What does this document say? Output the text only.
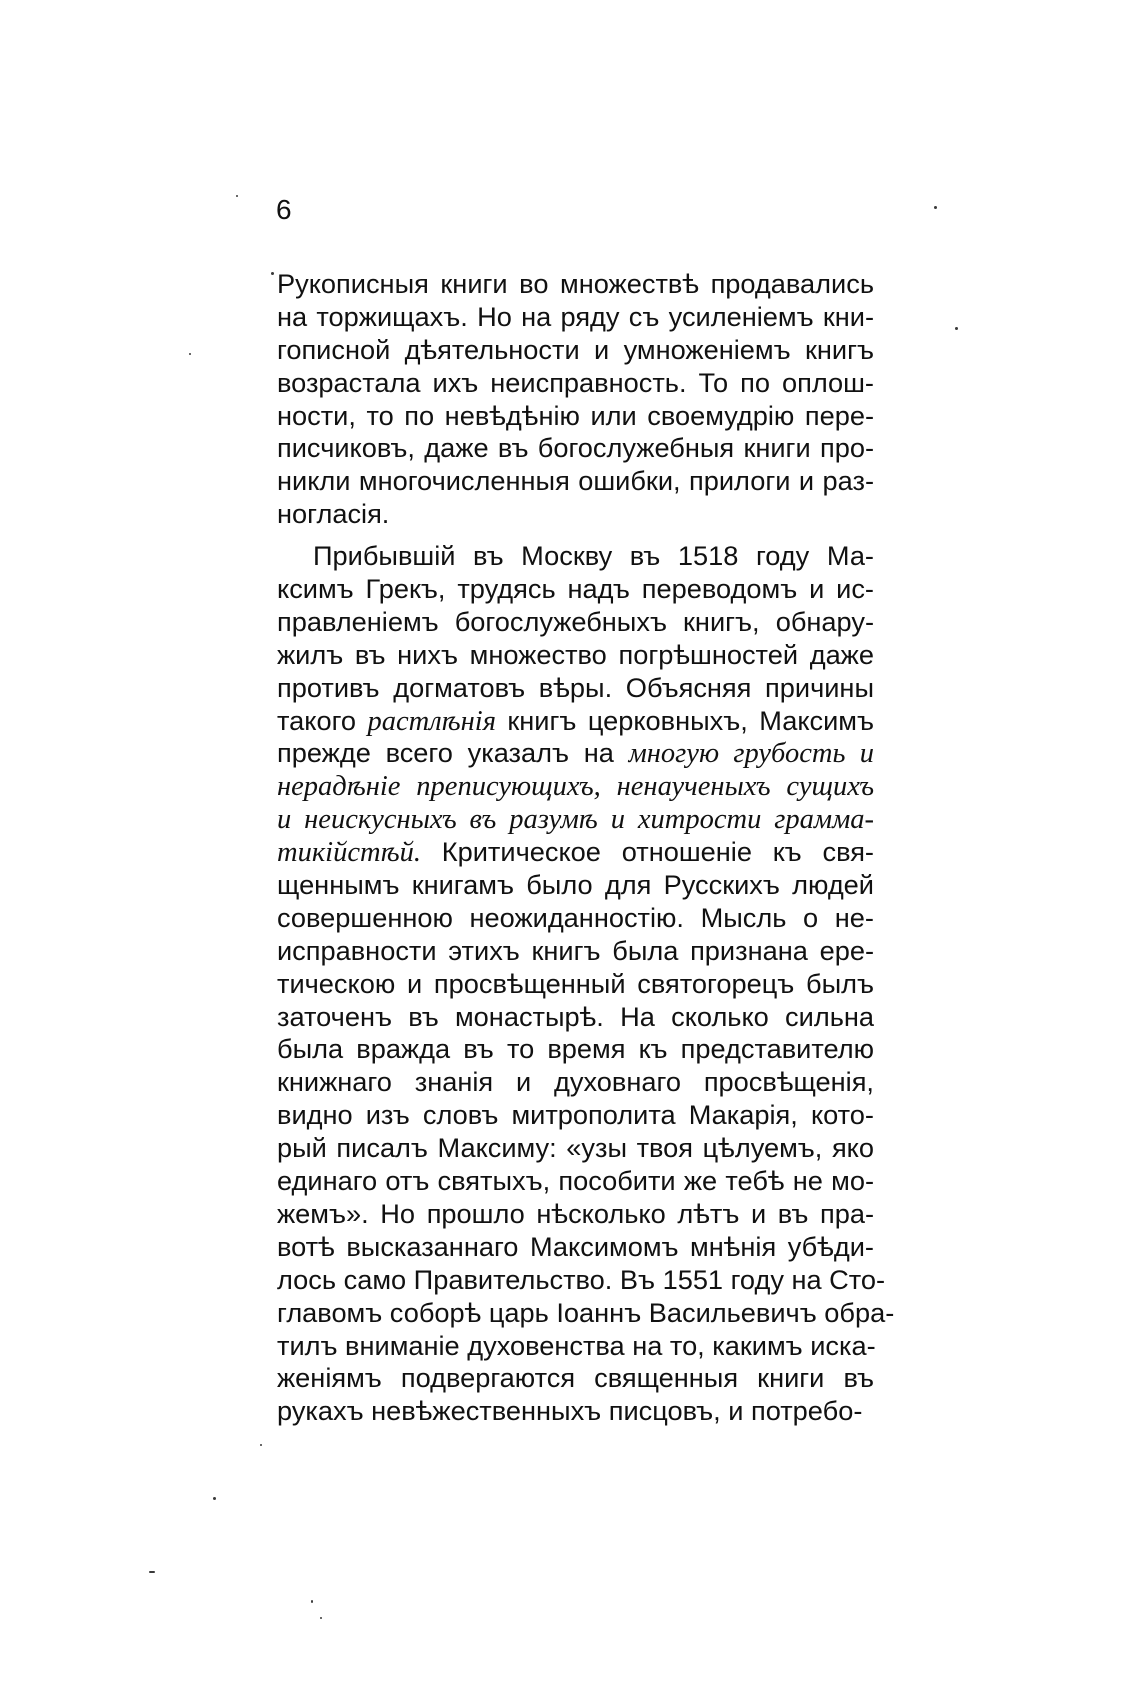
6
Рукописныя книги во множествѣ продавались
на торжищахъ. Но на ряду съ усиленіемъ кни-
гописной дѣятельности и умноженіемъ книгъ
возрастала ихъ неисправность. То по оплош-
ности, то по невѣдѣнію или своемудрію пере-
писчиковъ, даже въ богослужебныя книги про-
никли многочисленныя ошибки, прилоги и раз-
ногласія.
Прибывшій въ Москву въ 1518 году Ма-
ксимъ Грекъ, трудясь надъ переводомъ и ис-
правленіемъ богослужебныхъ книгъ, обнару-
жилъ въ нихъ множество погрѣшностей даже
противъ догматовъ вѣры. Объясняя причины
такого растлѣнія книгъ церковныхъ, Максимъ
прежде всего указалъ на многую грубость и
нерадѣніе преписующихъ, ненаученыхъ сущихъ
и неискусныхъ въ разумѣ и хитрости грамма-
тикійстѣй. Критическое отношеніе къ свя-
щеннымъ книгамъ было для Русскихъ людей
совершенною неожиданностію. Мысль о не-
исправности этихъ книгъ была признана ере-
тическою и просвѣщенный святогорецъ былъ
заточенъ въ монастырѣ. На сколько сильна
была вражда въ то время къ представителю
книжнаго знанія и духовнаго просвѣщенія,
видно изъ словъ митрополита Макарія, кото-
рый писалъ Максиму: «узы твоя цѣлуемъ, яко
единаго отъ святыхъ, пособити же тебѣ не мо-
жемъ». Но прошло нѣсколько лѣтъ и въ пра-
вотѣ высказаннаго Максимомъ мнѣнія убѣди-
лось само Правительство. Въ 1551 году на Сто-
главомъ соборѣ царь Іоаннъ Васильевичъ обра-
тилъ вниманіе духовенства на то, какимъ иска-
женіямъ подвергаются священныя книги въ
рукахъ невѣжественныхъ писцовъ, и потребо-
